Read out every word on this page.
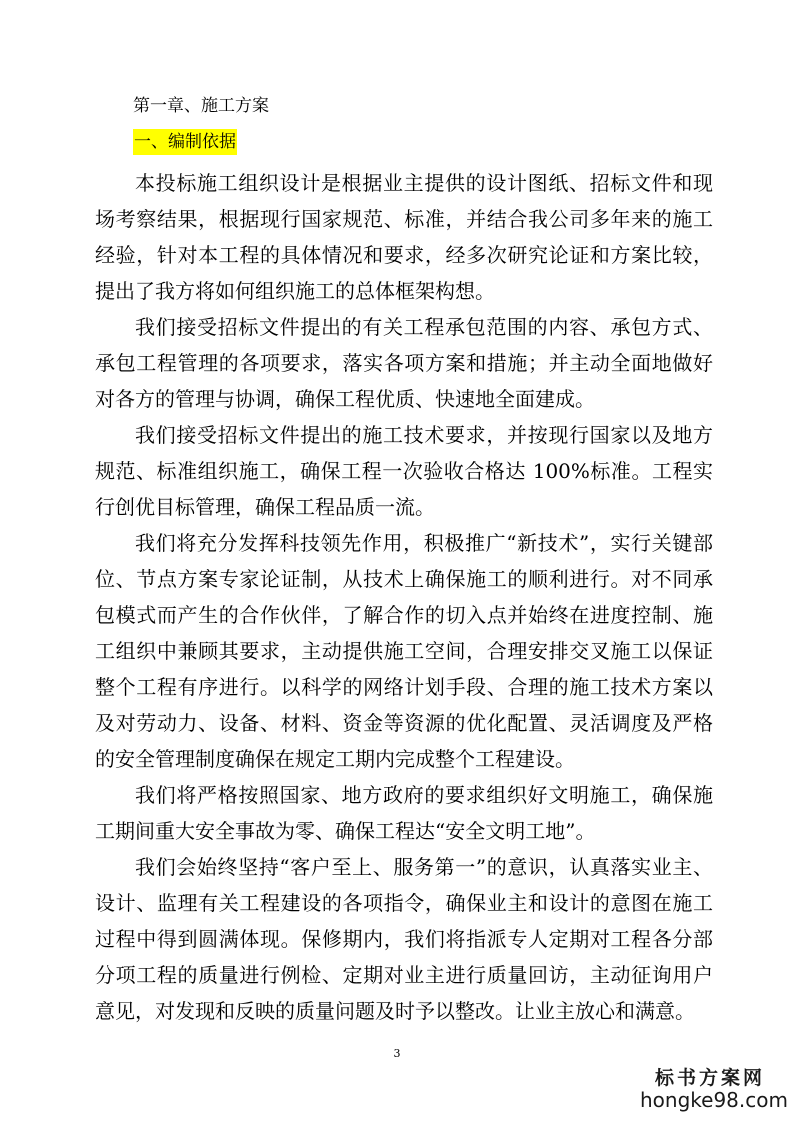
第一章、施工方案
一、编制依据

本投标施工组织设计是根据业主提供的设计图纸、招标文件和现场考察结果，根据现行国家规范、标准，并结合我公司多年来的施工经验，针对本工程的具体情况和要求，经多次研究论证和方案比较，提出了我方将如何组织施工的总体框架构想。

我们接受招标文件提出的有关工程承包范围的内容、承包方式、承包工程管理的各项要求，落实各项方案和措施；并主动全面地做好对各方的管理与协调，确保工程优质、快速地全面建成。

我们接受招标文件提出的施工技术要求，并按现行国家以及地方规范、标准组织施工，确保工程一次验收合格达 100%标准。工程实行创优目标管理，确保工程品质一流。

我们将充分发挥科技领先作用，积极推广“新技术”，实行关键部位、节点方案专家论证制，从技术上确保施工的顺利进行。对不同承包模式而产生的合作伙伴，了解合作的切入点并始终在进度控制、施工组织中兼顾其要求，主动提供施工空间，合理安排交叉施工以保证整个工程有序进行。以科学的网络计划手段、合理的施工技术方案以及对劳动力、设备、材料、资金等资源的优化配置、灵活调度及严格的安全管理制度确保在规定工期内完成整个工程建设。

我们将严格按照国家、地方政府的要求组织好文明施工，确保施工期间重大安全事故为零、确保工程达“安全文明工地”。

我们会始终坚持“客户至上、服务第一”的意识，认真落实业主、设计、监理有关工程建设的各项指令，确保业主和设计的意图在施工过程中得到圆满体现。保修期内，我们将指派专人定期对工程各分部分项工程的质量进行例检、定期对业主进行质量回访，主动征询用户意见，对发现和反映的质量问题及时予以整改。让业主放心和满意。

3
标书方案网
hongke98.com
